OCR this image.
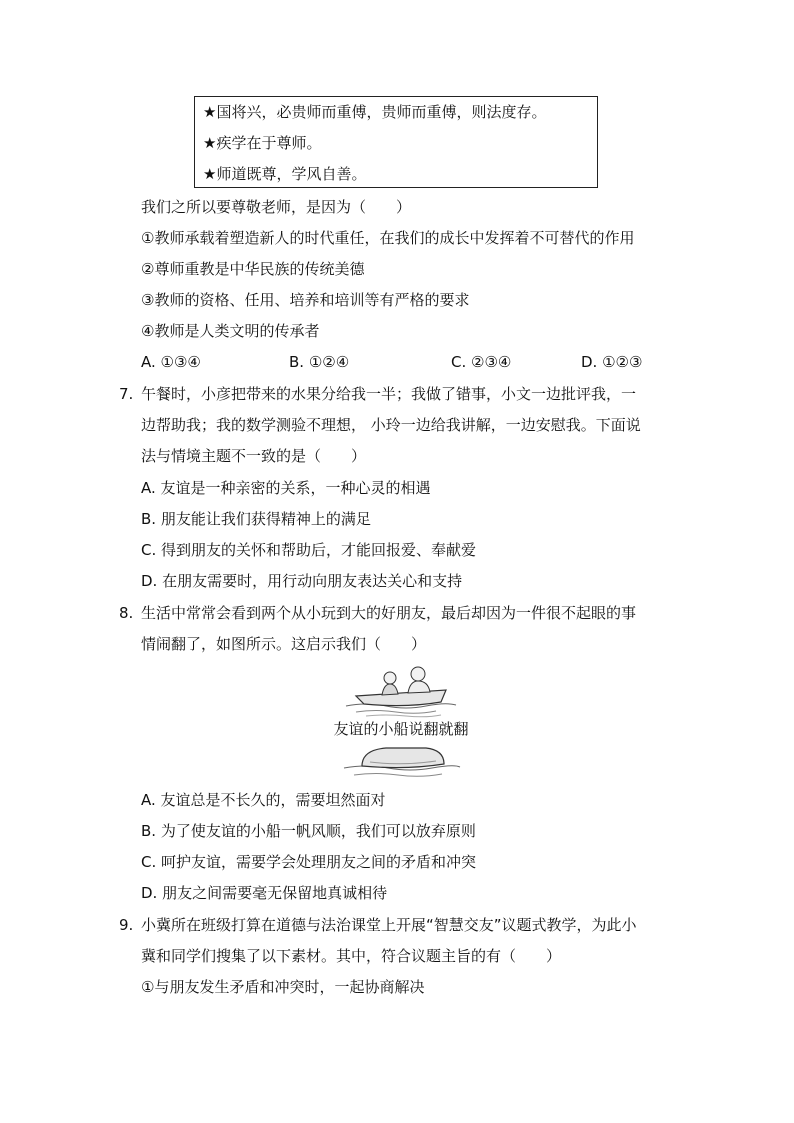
★国将兴，必贵师而重傅，贵师而重傅，则法度存。
★疾学在于尊师。
★师道既尊，学风自善。
我们之所以要尊敬老师，是因为（　　）
①教师承载着塑造新人的时代重任，在我们的成长中发挥着不可替代的作用
②尊师重教是中华民族的传统美德
③教师的资格、任用、培养和培训等有严格的要求
④教师是人类文明的传承者
A. ①③④	B. ①②④	C. ②③④	D. ①②③
7. 午餐时，小彦把带来的水果分给我一半；我做了错事，小文一边批评我，一
边帮助我；我的数学测验不理想， 小玲一边给我讲解，一边安慰我。下面说
法与情境主题不一致的是（　　）
A. 友谊是一种亲密的关系，一种心灵的相遇
B. 朋友能让我们获得精神上的满足
C. 得到朋友的关怀和帮助后，才能回报爱、奉献爱
D. 在朋友需要时，用行动向朋友表达关心和支持
8. 生活中常常会看到两个从小玩到大的好朋友，最后却因为一件很不起眼的事
情闹翻了，如图所示。这启示我们（　　）
友谊的小船说翻就翻
A. 友谊总是不长久的，需要坦然面对
B. 为了使友谊的小船一帆风顺，我们可以放弃原则
C. 呵护友谊，需要学会处理朋友之间的矛盾和冲突
D. 朋友之间需要毫无保留地真诚相待
9. 小冀所在班级打算在道德与法治课堂上开展“智慧交友”议题式教学，为此小
冀和同学们搜集了以下素材。其中，符合议题主旨的有（　　）
①与朋友发生矛盾和冲突时，一起协商解决
